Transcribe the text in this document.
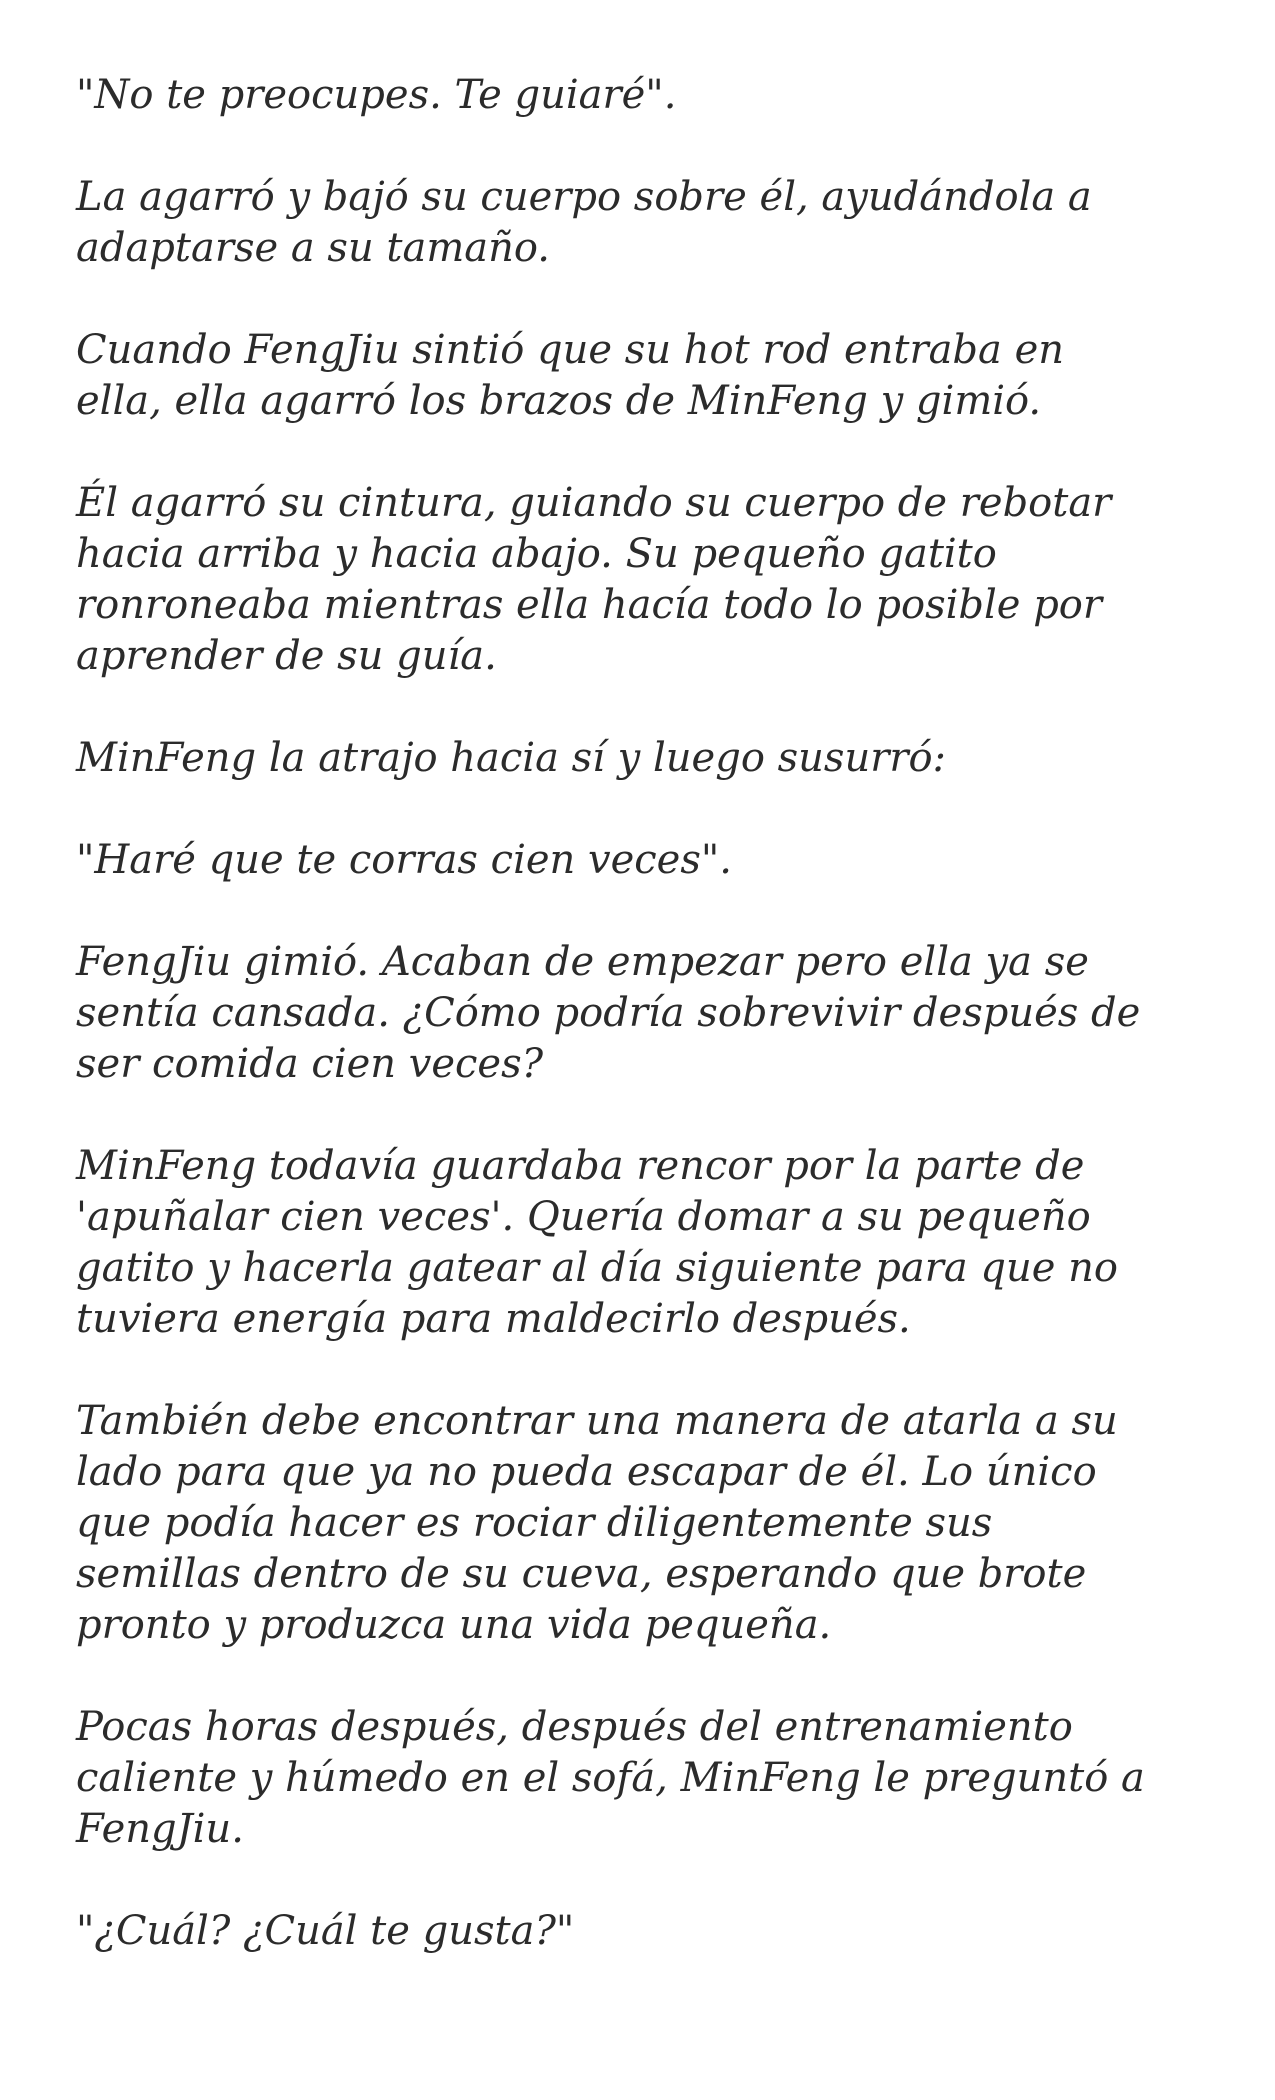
"No te preocupes. Te guiaré".

La agarró y bajó su cuerpo sobre él, ayudándola a
adaptarse a su tamaño.

Cuando FengJiu sintió que su hot rod entraba en
ella, ella agarró los brazos de MinFeng y gimió.

Él agarró su cintura, guiando su cuerpo de rebotar
hacia arriba y hacia abajo. Su pequeño gatito
ronroneaba mientras ella hacía todo lo posible por
aprender de su guía.

MinFeng la atrajo hacia sí y luego susurró:

"Haré que te corras cien veces".

FengJiu gimió. Acaban de empezar pero ella ya se
sentía cansada. ¿Cómo podría sobrevivir después de
ser comida cien veces?

MinFeng todavía guardaba rencor por la parte de
'apuñalar cien veces'. Quería domar a su pequeño
gatito y hacerla gatear al día siguiente para que no
tuviera energía para maldecirlo después.

También debe encontrar una manera de atarla a su
lado para que ya no pueda escapar de él. Lo único
que podía hacer es rociar diligentemente sus
semillas dentro de su cueva, esperando que brote
pronto y produzca una vida pequeña.

Pocas horas después, después del entrenamiento
caliente y húmedo en el sofá, MinFeng le preguntó a
FengJiu.

"¿Cuál? ¿Cuál te gusta?"
